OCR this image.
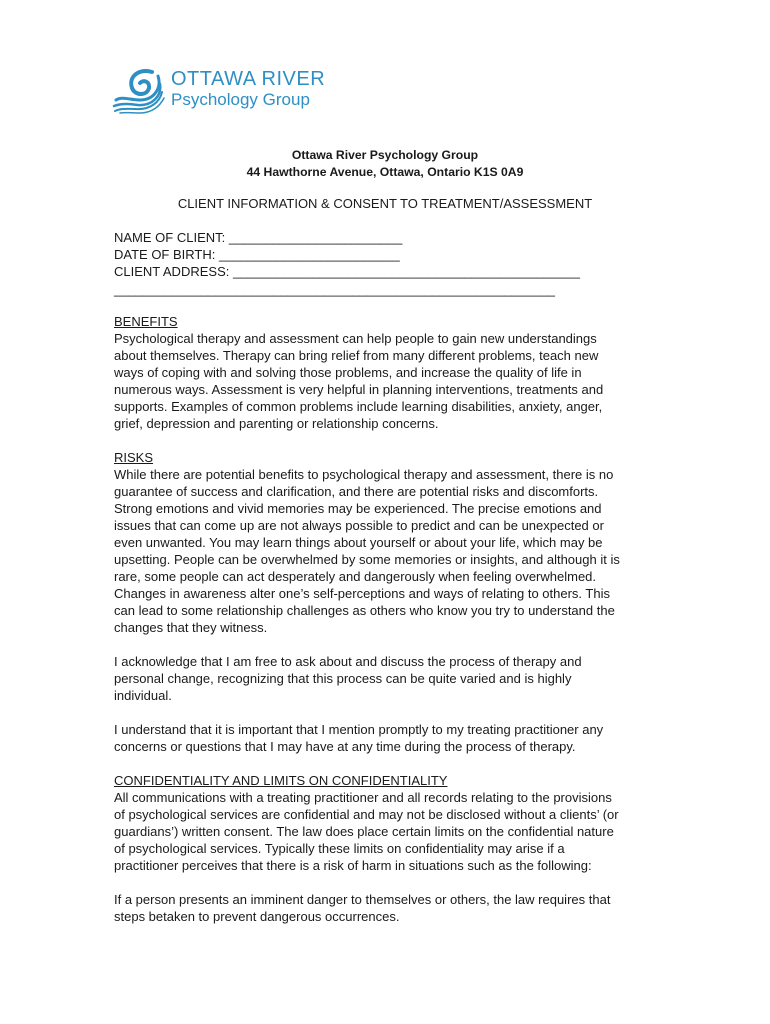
OTTAWA RIVER
Psychology Group
Ottawa River Psychology Group
44 Hawthorne Avenue, Ottawa, Ontario K1S 0A9
CLIENT INFORMATION & CONSENT TO TREATMENT/ASSESSMENT
NAME OF CLIENT: ________________________
DATE OF BIRTH: _________________________
CLIENT ADDRESS: ________________________________________________
_____________________________________________________________

BENEFITS

Psychological therapy and assessment can help people to gain new understandings

about themselves. Therapy can bring relief from many different problems, teach new

ways of coping with and solving those problems, and increase the quality of life in

numerous ways. Assessment is very helpful in planning interventions, treatments and

supports. Examples of common problems include learning disabilities, anxiety, anger,

grief, depression and parenting or relationship concerns.

RISKS

While there are potential benefits to psychological therapy and assessment, there is no

guarantee of success and clarification, and there are potential risks and discomforts.

Strong emotions and vivid memories may be experienced. The precise emotions and

issues that can come up are not always possible to predict and can be unexpected or

even unwanted. You may learn things about yourself or about your life, which may be

upsetting. People can be overwhelmed by some memories or insights, and although it is

rare, some people can act desperately and dangerously when feeling overwhelmed.

Changes in awareness alter one’s self-perceptions and ways of relating to others. This

can lead to some relationship challenges as others who know you try to understand the

changes that they witness.

I acknowledge that I am free to ask about and discuss the process of therapy and

personal change, recognizing that this process can be quite varied and is highly

individual.

I understand that it is important that I mention promptly to my treating practitioner any

concerns or questions that I may have at any time during the process of therapy.

CONFIDENTIALITY AND LIMITS ON CONFIDENTIALITY

All communications with a treating practitioner and all records relating to the provisions

of psychological services are confidential and may not be disclosed without a clients’ (or

guardians’) written consent. The law does place certain limits on the confidential nature

of psychological services. Typically these limits on confidentiality may arise if a

practitioner perceives that there is a risk of harm in situations such as the following:

If a person presents an imminent danger to themselves or others, the law requires that

steps betaken to prevent dangerous occurrences.
